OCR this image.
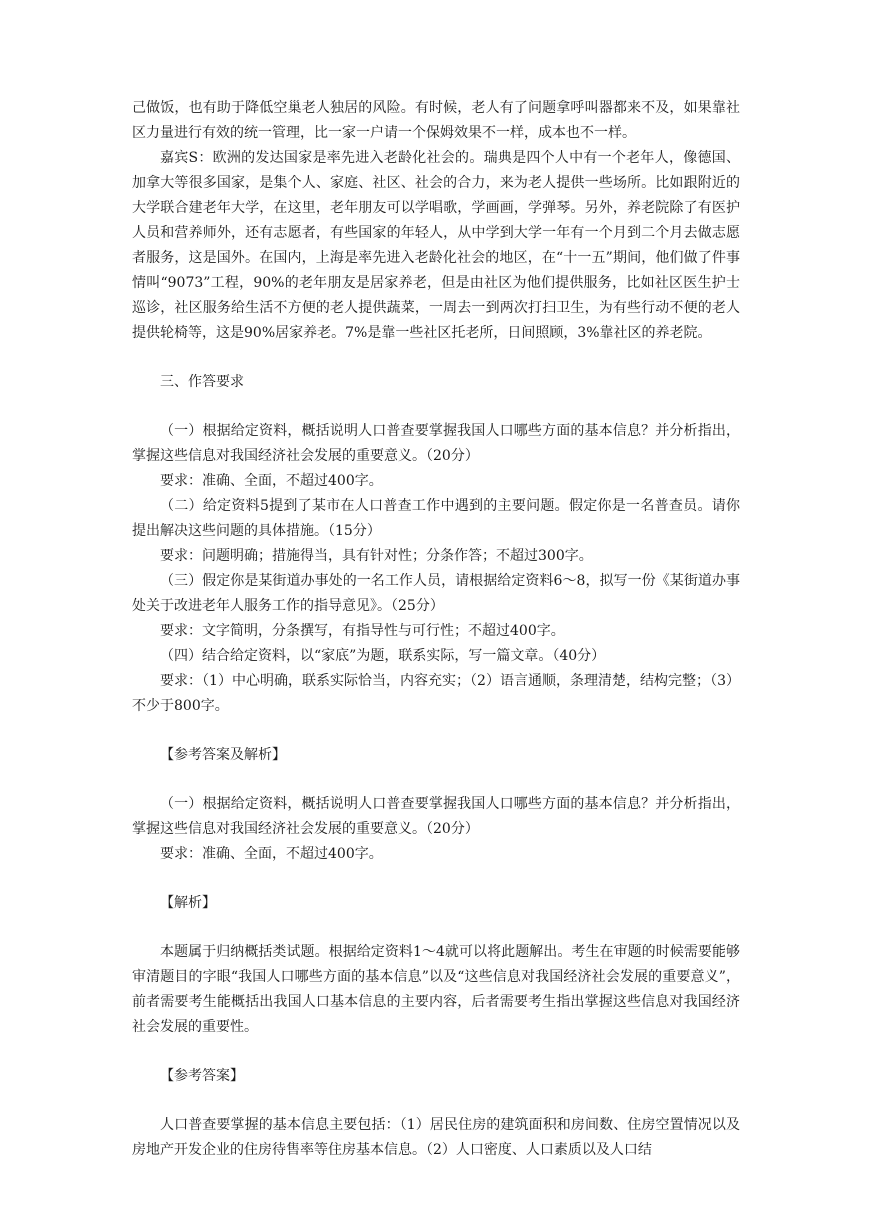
己做饭，也有助于降低空巢老人独居的风险。有时候，老人有了问题拿呼叫器都来不及，如果靠社区力量进行有效的统一管理，比一家一户请一个保姆效果不一样，成本也不一样。

嘉宾S：欧洲的发达国家是率先进入老龄化社会的。瑞典是四个人中有一个老年人，像德国、加拿大等很多国家，是集个人、家庭、社区、社会的合力，来为老人提供一些场所。比如跟附近的大学联合建老年大学，在这里，老年朋友可以学唱歌，学画画，学弹琴。另外，养老院除了有医护人员和营养师外，还有志愿者，有些国家的年轻人，从中学到大学一年有一个月到二个月去做志愿者服务，这是国外。在国内，上海是率先进入老龄化社会的地区，在“十一五”期间，他们做了件事情叫“9073”工程，90%的老年朋友是居家养老，但是由社区为他们提供服务，比如社区医生护士巡诊，社区服务给生活不方便的老人提供蔬菜，一周去一到两次打扫卫生，为有些行动不便的老人提供轮椅等，这是90%居家养老。7%是靠一些社区托老所，日间照顾，3%靠社区的养老院。

三、作答要求

（一）根据给定资料，概括说明人口普查要掌握我国人口哪些方面的基本信息？并分析指出，掌握这些信息对我国经济社会发展的重要意义。（20分）

要求：准确、全面，不超过400字。

（二）给定资料5提到了某市在人口普查工作中遇到的主要问题。假定你是一名普查员。请你提出解决这些问题的具体措施。（15分）

要求：问题明确；措施得当，具有针对性；分条作答；不超过300字。

（三）假定你是某街道办事处的一名工作人员，请根据给定资料6～8，拟写一份《某街道办事处关于改进老年人服务工作的指导意见》。（25分）

要求：文字简明，分条撰写，有指导性与可行性；不超过400字。

（四）结合给定资料，以“家底”为题，联系实际，写一篇文章。（40分）

要求：（1）中心明确，联系实际恰当，内容充实；（2）语言通顺，条理清楚，结构完整；（3）不少于800字。

【参考答案及解析】

（一）根据给定资料，概括说明人口普查要掌握我国人口哪些方面的基本信息？并分析指出，掌握这些信息对我国经济社会发展的重要意义。（20分）

要求：准确、全面，不超过400字。

【解析】

本题属于归纳概括类试题。根据给定资料1～4就可以将此题解出。考生在审题的时候需要能够审清题目的字眼“我国人口哪些方面的基本信息”以及“这些信息对我国经济社会发展的重要意义”，前者需要考生能概括出我国人口基本信息的主要内容，后者需要考生指出掌握这些信息对我国经济社会发展的重要性。

【参考答案】

人口普查要掌握的基本信息主要包括：（1）居民住房的建筑面积和房间数、住房空置情况以及房地产开发企业的住房待售率等住房基本信息。（2）人口密度、人口素质以及人口结
